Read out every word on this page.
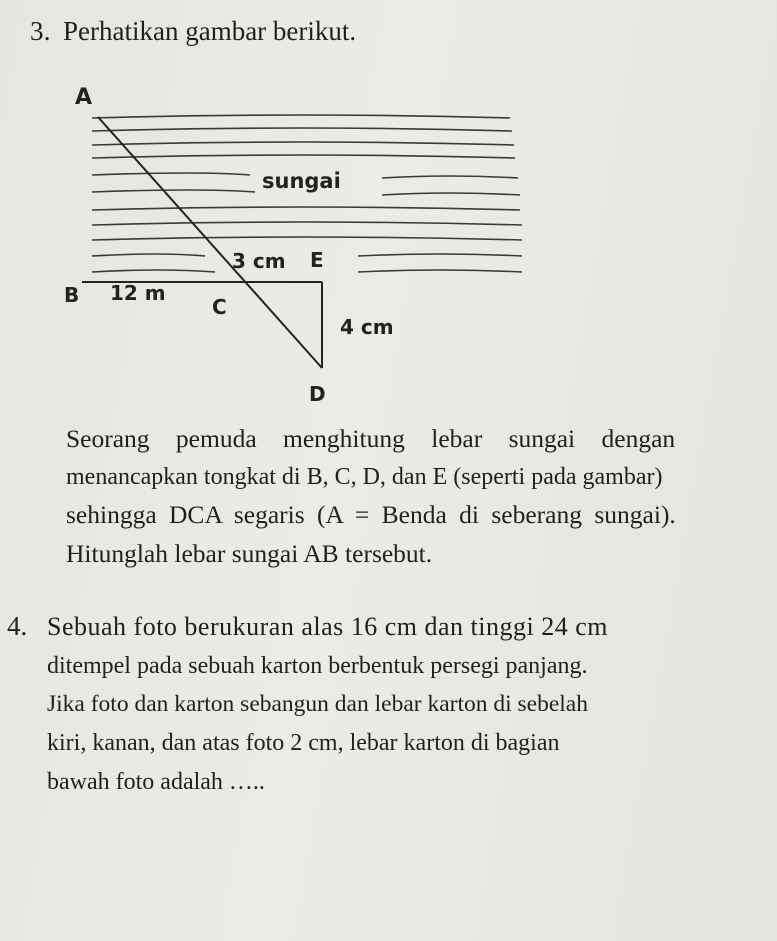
3. Perhatikan gambar berikut.
A
sungai
3 cm E
B 12 m
C
4 cm
D
Seorang pemuda menghitung lebar sungai dengan
menancapkan tongkat di B, C, D, dan E (seperti pada gambar)
sehingga DCA segaris (A = Benda di seberang sungai).
Hitunglah lebar sungai AB tersebut.
4. Sebuah foto berukuran alas 16 cm dan tinggi 24 cm
ditempel pada sebuah karton berbentuk persegi panjang.
Jika foto dan karton sebangun dan lebar karton di sebelah
kiri, kanan, dan atas foto 2 cm, lebar karton di bagian
bawah foto adalah …..
